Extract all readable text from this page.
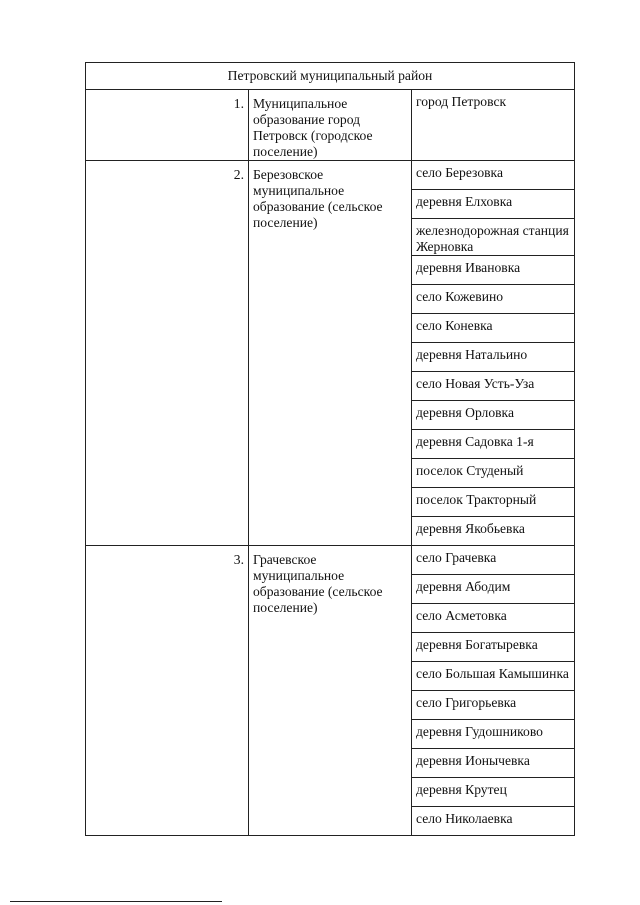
Петровский муниципальный район		
1.	Муниципальное образование город Петровск (городское поселение)	город Петровск
2.	Березовское муниципальное образование (сельское поселение)	село Березовка
		деревня Елховка
		железнодорожная станция Жерновка
		деревня Ивановка
		село Кожевино
		село Коневка
		деревня Натальино
		село Новая Усть-Уза
		деревня Орловка
		деревня Садовка 1-я
		поселок Студеный
		поселок Тракторный
		деревня Якобьевка
3.	Грачевское муниципальное образование (сельское поселение)	село Грачевка
		деревня Абодим
		село Асметовка
		деревня Богатыревка
		село Большая Камышинка
		село Григорьевка
		деревня Гудошниково
		деревня Ионычевка
		деревня Крутец
		село Николаевка
